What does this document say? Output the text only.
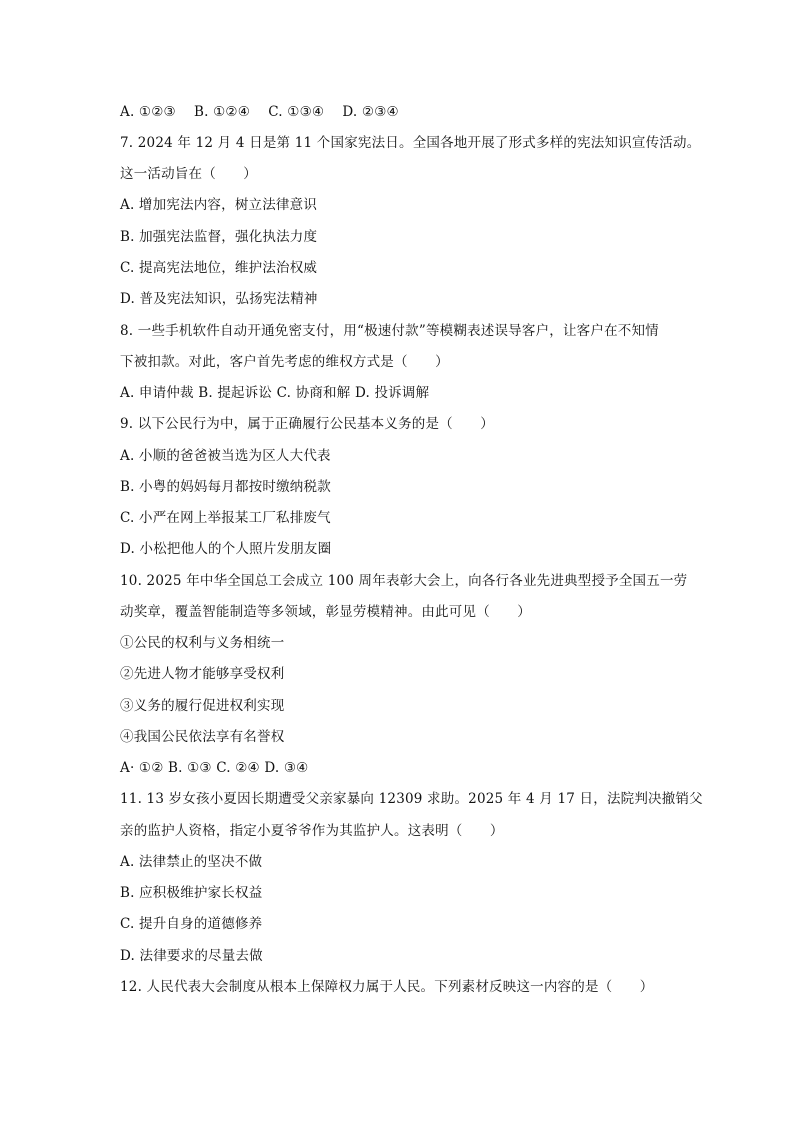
A. ①②③　 B. ①②④　 C. ①③④　 D. ②③④
7. 2024 年 12 月 4 日是第 11 个国家宪法日。全国各地开展了形式多样的宪法知识宣传活动。
这一活动旨在（　　）
A. 增加宪法内容，树立法律意识
B. 加强宪法监督，强化执法力度
C. 提高宪法地位，维护法治权威
D. 普及宪法知识，弘扬宪法精神
8. 一些手机软件自动开通免密支付，用“极速付款”等模糊表述误导客户，让客户在不知情
下被扣款。对此，客户首先考虑的维权方式是（　　）
A. 申请仲裁 B. 提起诉讼 C. 协商和解 D. 投诉调解
9. 以下公民行为中，属于正确履行公民基本义务的是（　　）
A. 小顺的爸爸被当选为区人大代表
B. 小粤的妈妈每月都按时缴纳税款
C. 小严在网上举报某工厂私排废气
D. 小松把他人的个人照片发朋友圈
10. 2025 年中华全国总工会成立 100 周年表彰大会上，向各行各业先进典型授予全国五一劳
动奖章，覆盖智能制造等多领域，彰显劳模精神。由此可见（　　）
①公民的权利与义务相统一
②先进人物才能够享受权利
③义务的履行促进权利实现
④我国公民依法享有名誉权
A· ①② B. ①③ C. ②④ D. ③④
11. 13 岁女孩小夏因长期遭受父亲家暴向 12309 求助。2025 年 4 月 17 日，法院判决撤销父
亲的监护人资格，指定小夏爷爷作为其监护人。这表明（　　）
A. 法律禁止的坚决不做
B. 应积极维护家长权益
C. 提升自身的道德修养
D. 法律要求的尽量去做
12. 人民代表大会制度从根本上保障权力属于人民。下列素材反映这一内容的是（　　）
